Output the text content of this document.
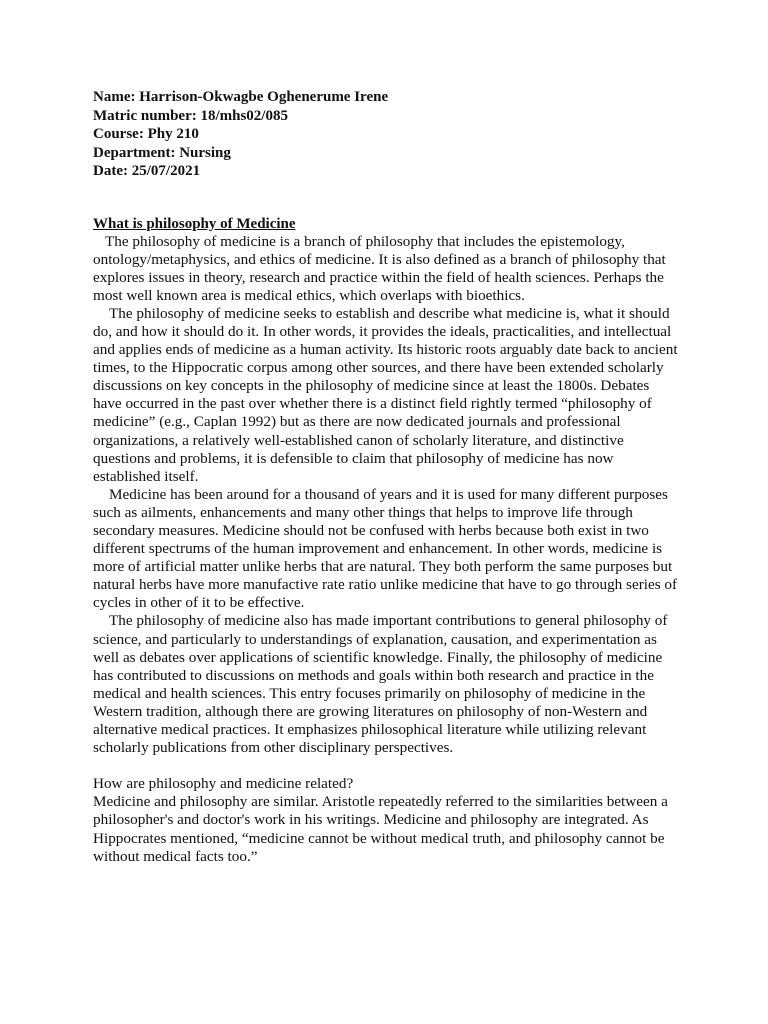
Name: Harrison-Okwagbe Oghenerume Irene

Matric number: 18/mhs02/085

Course: Phy 210

Department: Nursing

Date: 25/07/2021

What is philosophy of Medicine

The philosophy of medicine is a branch of philosophy that includes the epistemology, ontology/metaphysics, and ethics of medicine. It is also defined as a branch of philosophy that explores issues in theory, research and practice within the field of health sciences. Perhaps the most well known area is medical ethics, which overlaps with bioethics.

The philosophy of medicine seeks to establish and describe what medicine is, what it should do, and how it should do it. In other words, it provides the ideals, practicalities, and intellectual and applies ends of medicine as a human activity. Its historic roots arguably date back to ancient times, to the Hippocratic corpus among other sources, and there have been extended scholarly discussions on key concepts in the philosophy of medicine since at least the 1800s. Debates have occurred in the past over whether there is a distinct field rightly termed “philosophy of medicine” (e.g., Caplan 1992) but as there are now dedicated journals and professional organizations, a relatively well-established canon of scholarly literature, and distinctive questions and problems, it is defensible to claim that philosophy of medicine has now established itself.

Medicine has been around for a thousand of years and it is used for many different purposes such as ailments, enhancements and many other things that helps to improve life through secondary measures. Medicine should not be confused with herbs because both exist in two different spectrums of the human improvement and enhancement. In other words, medicine is more of artificial matter unlike herbs that are natural. They both perform the same purposes but natural herbs have more manufactive rate ratio unlike medicine that have to go through series of cycles in other of it to be effective.

The philosophy of medicine also has made important contributions to general philosophy of science, and particularly to understandings of explanation, causation, and experimentation as well as debates over applications of scientific knowledge. Finally, the philosophy of medicine has contributed to discussions on methods and goals within both research and practice in the medical and health sciences. This entry focuses primarily on philosophy of medicine in the Western tradition, although there are growing literatures on philosophy of non-Western and alternative medical practices. It emphasizes philosophical literature while utilizing relevant scholarly publications from other disciplinary perspectives.

How are philosophy and medicine related?

Medicine and philosophy are similar. Aristotle repeatedly referred to the similarities between a philosopher's and doctor's work in his writings. Medicine and philosophy are integrated. As Hippocrates mentioned, “medicine cannot be without medical truth, and philosophy cannot be without medical facts too.”
